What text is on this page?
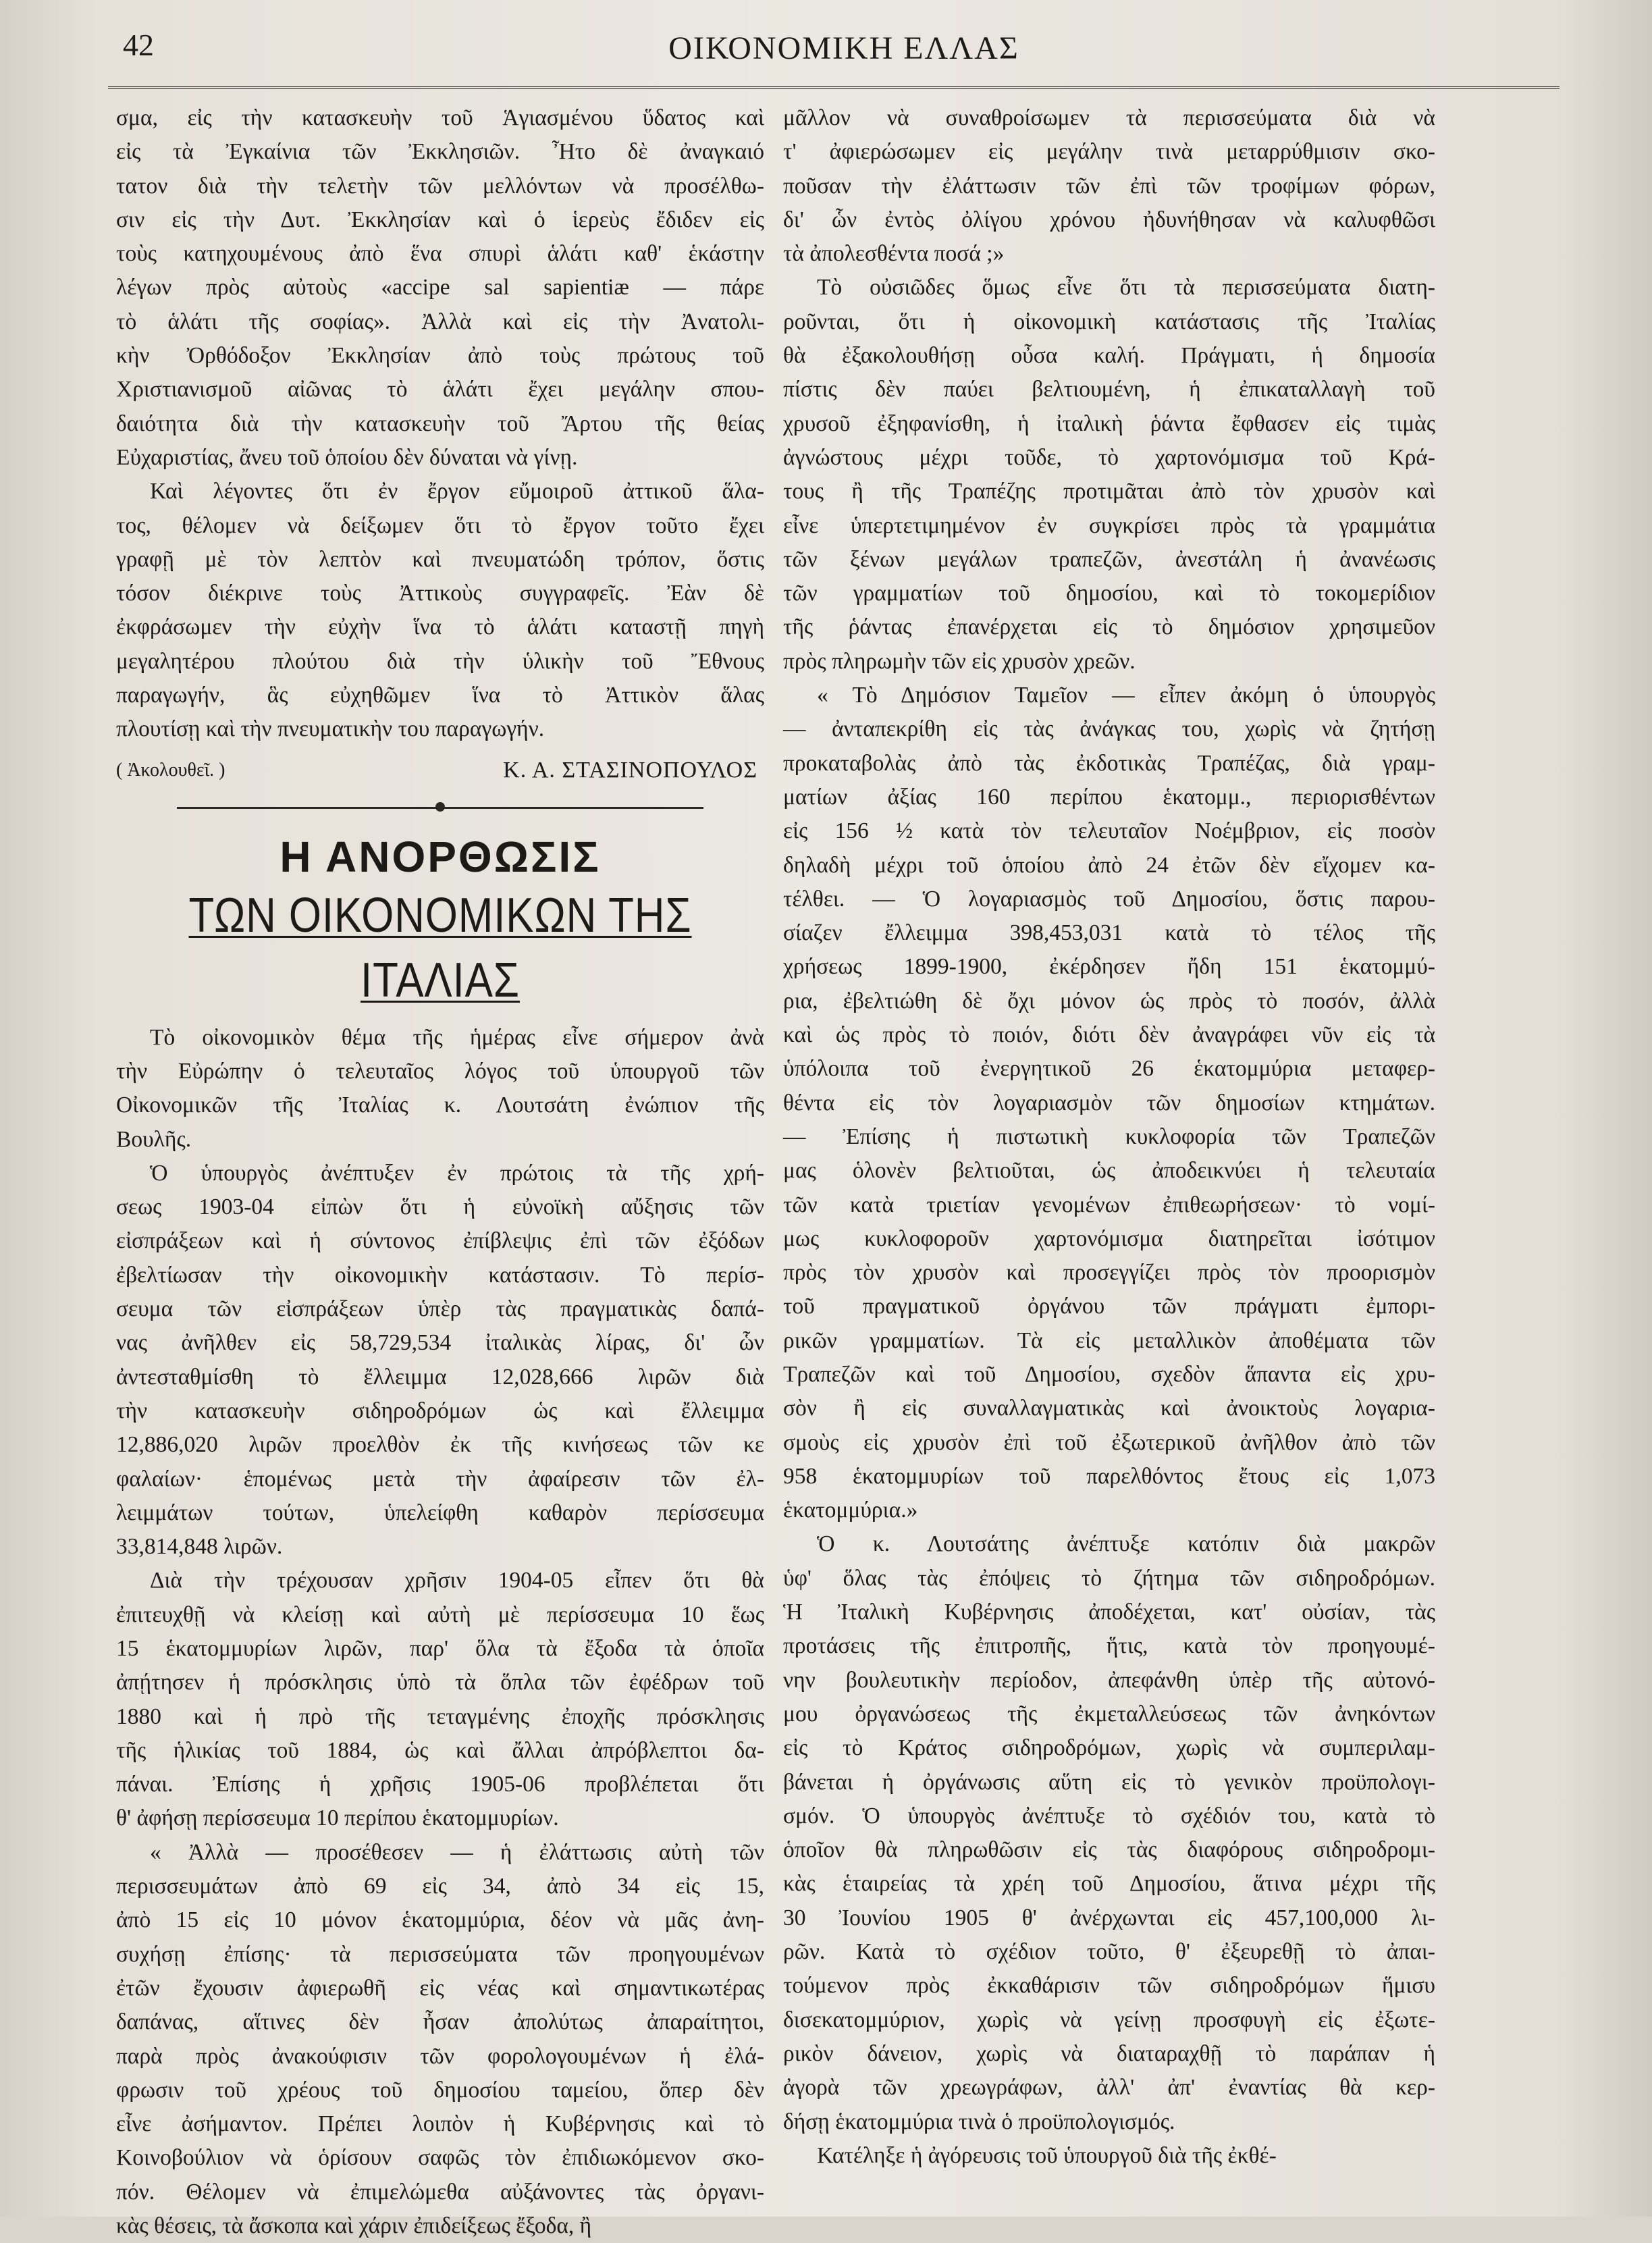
42	ΟΙΚΟΝΟΜΙΚΗ ΕΛΛΑΣ
σμα, εἰς τὴν κατασκευὴν τοῦ Ἁγιασμένου ὕδατος καὶ
εἰς τὰ Ἐγκαίνια τῶν Ἐκκλησιῶν. Ἦτο δὲ ἀναγκαιό
τατον διὰ τὴν τελετὴν τῶν μελλόντων νὰ προσέλθω-
σιν εἰς τὴν Δυτ. Ἐκκλησίαν καὶ ὁ ἱερεὺς ἔδιδεν εἰς
τοὺς κατηχουμένους ἀπὸ ἕνα σπυρὶ ἁλάτι καθ' ἑκάστην
λέγων πρὸς αὐτοὺς «accipe sal sapientiæ — πάρε
τὸ ἁλάτι τῆς σοφίας». Ἀλλὰ καὶ εἰς τὴν Ἀνατολι-
κὴν Ὀρθόδοξον Ἐκκλησίαν ἀπὸ τοὺς πρώτους τοῦ
Χριστιανισμοῦ αἰῶνας τὸ ἁλάτι ἔχει μεγάλην σπου-
δαιότητα διὰ τὴν κατασκευὴν τοῦ Ἄρτου τῆς θείας
Εὐχαριστίας, ἄνευ τοῦ ὁποίου δὲν δύναται νὰ γίνῃ.
Καὶ λέγοντες ὅτι ἐν ἔργον εὔμοιροῦ ἀττικοῦ ἅλα-
τος, θέλομεν νὰ δείξωμεν ὅτι τὸ ἔργον τοῦτο ἔχει
γραφῇ μὲ τὸν λεπτὸν καὶ πνευματώδη τρόπον, ὅστις
τόσον διέκρινε τοὺς Ἀττικοὺς συγγραφεῖς. Ἐὰν δὲ
ἐκφράσωμεν τὴν εὐχὴν ἵνα τὸ ἁλάτι καταστῇ πηγὴ
μεγαλητέρου πλούτου διὰ τὴν ὑλικὴν τοῦ Ἔθνους
παραγωγήν, ἃς εὐχηθῶμεν ἵνα τὸ Ἀττικὸν ἅλας
πλουτίσῃ καὶ τὴν πνευματικὴν του παραγωγήν.
( Ἀκολουθεῖ. )	Κ. Α. ΣΤΑΣΙΝΟΠΟΥΛΟΣ
Η ΑΝΟΡΘΩΣΙΣ
ΤΩΝ ΟΙΚΟΝΟΜΙΚΩΝ ΤΗΣ ΙΤΑΛΙΑΣ
Τὸ οἰκονομικὸν θέμα τῆς ἡμέρας εἶνε σήμερον ἀνὰ
τὴν Εὐρώπην ὁ τελευταῖος λόγος τοῦ ὑπουργοῦ τῶν
Οἰκονομικῶν τῆς Ἰταλίας κ. Λουτσάτη ἐνώπιον τῆς
Βουλῆς.
Ὁ ὑπουργὸς ἀνέπτυξεν ἐν πρώτοις τὰ τῆς χρή-
σεως 1903-04 εἰπὼν ὅτι ἡ εὐνοϊκὴ αὔξησις τῶν
εἰσπράξεων καὶ ἡ σύντονος ἐπίβλεψις ἐπὶ τῶν ἐξόδων
ἐβελτίωσαν τὴν οἰκονομικὴν κατάστασιν. Τὸ περίσ-
σευμα τῶν εἰσπράξεων ὑπὲρ τὰς πραγματικὰς δαπά-
νας ἀνῆλθεν εἰς 58,729,534 ἰταλικὰς λίρας, δι' ὧν
ἀντεσταθμίσθη τὸ ἔλλειμμα 12,028,666 λιρῶν διὰ
τὴν κατασκευὴν σιδηροδρόμων ὡς καὶ ἔλλειμμα
12,886,020 λιρῶν προελθὸν ἐκ τῆς κινήσεως τῶν κε
φαλαίων· ἑπομένως μετὰ τὴν ἀφαίρεσιν τῶν ἐλ-
λειμμάτων τούτων, ὑπελείφθη καθαρὸν περίσσευμα
33,814,848 λιρῶν.
Διὰ τὴν τρέχουσαν χρῆσιν 1904-05 εἶπεν ὅτι θὰ
ἐπιτευχθῇ νὰ κλείσῃ καὶ αὐτὴ μὲ περίσσευμα 10 ἕως
15 ἑκατομμυρίων λιρῶν, παρ' ὅλα τὰ ἔξοδα τὰ ὁποῖα
ἀπῄτησεν ἡ πρόσκλησις ὑπὸ τὰ ὅπλα τῶν ἐφέδρων τοῦ
1880 καὶ ἡ πρὸ τῆς τεταγμένης ἐποχῆς πρόσκλησις
τῆς ἡλικίας τοῦ 1884, ὡς καὶ ἄλλαι ἀπρόβλεπτοι δα-
πάναι. Ἐπίσης ἡ χρῆσις 1905-06 προβλέπεται ὅτι
θ' ἀφήσῃ περίσσευμα 10 περίπου ἑκατομμυρίων.
« Ἀλλὰ — προσέθεσεν — ἡ ἐλάττωσις αὐτὴ τῶν
περισσευμάτων ἀπὸ 69 εἰς 34, ἀπὸ 34 εἰς 15,
ἀπὸ 15 εἰς 10 μόνον ἑκατομμύρια, δέον νὰ μᾶς ἀνη-
συχήσῃ ἐπίσης· τὰ περισσεύματα τῶν προηγουμένων
ἐτῶν ἔχουσιν ἀφιερωθῆ εἰς νέας καὶ σημαντικωτέρας
δαπάνας, αἵτινες δὲν ἦσαν ἀπολύτως ἀπαραίτητοι,
παρὰ πρὸς ἀνακούφισιν τῶν φορολογουμένων ἡ ἐλά-
φρωσιν τοῦ χρέους τοῦ δημοσίου ταμείου, ὅπερ δὲν
εἶνε ἀσήμαντον. Πρέπει λοιπὸν ἡ Κυβέρνησις καὶ τὸ
Κοινοβούλιον νὰ ὁρίσουν σαφῶς τὸν ἐπιδιωκόμενον σκο-
πόν. Θέλομεν νὰ ἐπιμελώμεθα αὐξάνοντες τὰς ὀργανι-
κὰς θέσεις, τὰ ἄσκοπα καὶ χάριν ἐπιδείξεως ἔξοδα, ἢ
μᾶλλον νὰ συναθροίσωμεν τὰ περισσεύματα διὰ νὰ
τ' ἀφιερώσωμεν εἰς μεγάλην τινὰ μεταρρύθμισιν σκο-
ποῦσαν τὴν ἐλάττωσιν τῶν ἐπὶ τῶν τροφίμων φόρων,
δι' ὧν ἐντὸς ὀλίγου χρόνου ἠδυνήθησαν νὰ καλυφθῶσι
τὰ ἀπολεσθέντα ποσά ;»
Τὸ οὐσιῶδες ὅμως εἶνε ὅτι τὰ περισσεύματα διατη-
ροῦνται, ὅτι ἡ οἰκονομικὴ κατάστασις τῆς Ἰταλίας
θὰ ἐξακολουθήσῃ οὖσα καλή. Πράγματι, ἡ δημοσία
πίστις δὲν παύει βελτιουμένη, ἡ ἐπικαταλλαγὴ τοῦ
χρυσοῦ ἐξηφανίσθη, ἡ ἰταλικὴ ῥάντα ἔφθασεν εἰς τιμὰς
ἀγνώστους μέχρι τοῦδε, τὸ χαρτονόμισμα τοῦ Κρά-
τους ἢ τῆς Τραπέζης προτιμᾶται ἀπὸ τὸν χρυσὸν καὶ
εἶνε ὑπερτετιμημένον ἐν συγκρίσει πρὸς τὰ γραμμάτια
τῶν ξένων μεγάλων τραπεζῶν, ἀνεστάλη ἡ ἀνανέωσις
τῶν γραμματίων τοῦ δημοσίου, καὶ τὸ τοκομερίδιον
τῆς ῥάντας ἐπανέρχεται εἰς τὸ δημόσιον χρησιμεῦον
πρὸς πληρωμὴν τῶν εἰς χρυσὸν χρεῶν.
« Τὸ Δημόσιον Ταμεῖον — εἶπεν ἀκόμη ὁ ὑπουργὸς
— ἀνταπεκρίθη εἰς τὰς ἀνάγκας του, χωρὶς νὰ ζητήσῃ
προκαταβολὰς ἀπὸ τὰς ἐκδοτικὰς Τραπέζας, διὰ γραμ-
ματίων ἀξίας 160 περίπου ἑκατομμ., περιορισθέντων
εἰς 156 ½ κατὰ τὸν τελευταῖον Νοέμβριον, εἰς ποσὸν
δηλαδὴ μέχρι τοῦ ὁποίου ἀπὸ 24 ἐτῶν δὲν εἴχομεν κα-
τέλθει. — Ὁ λογαριασμὸς τοῦ Δημοσίου, ὅστις παρου-
σίαζεν ἔλλειμμα 398,453,031 κατὰ τὸ τέλος τῆς
χρήσεως 1899-1900, ἐκέρδησεν ἤδη 151 ἑκατομμύ-
ρια, ἐβελτιώθη δὲ ὄχι μόνον ὡς πρὸς τὸ ποσόν, ἀλλὰ
καὶ ὡς πρὸς τὸ ποιόν, διότι δὲν ἀναγράφει νῦν εἰς τὰ
ὑπόλοιπα τοῦ ἐνεργητικοῦ 26 ἑκατομμύρια μεταφερ-
θέντα εἰς τὸν λογαριασμὸν τῶν δημοσίων κτημάτων.
— Ἐπίσης ἡ πιστωτικὴ κυκλοφορία τῶν Τραπεζῶν
μας ὁλονὲν βελτιοῦται, ὡς ἀποδεικνύει ἡ τελευταία
τῶν κατὰ τριετίαν γενομένων ἐπιθεωρήσεων· τὸ νομί-
μως κυκλοφοροῦν χαρτονόμισμα διατηρεῖται ἰσότιμον
πρὸς τὸν χρυσὸν καὶ προσεγγίζει πρὸς τὸν προορισμὸν
τοῦ πραγματικοῦ ὀργάνου τῶν πράγματι ἐμπορι-
ρικῶν γραμματίων. Τὰ εἰς μεταλλικὸν ἀποθέματα τῶν
Τραπεζῶν καὶ τοῦ Δημοσίου, σχεδὸν ἅπαντα εἰς χρυ-
σὸν ἢ εἰς συναλλαγματικὰς καὶ ἀνοικτοὺς λογαρια-
σμοὺς εἰς χρυσὸν ἐπὶ τοῦ ἐξωτερικοῦ ἀνῆλθον ἀπὸ τῶν
958 ἑκατομμυρίων τοῦ παρελθόντος ἔτους εἰς 1,073
ἑκατομμύρια.»
Ὁ κ. Λουτσάτης ἀνέπτυξε κατόπιν διὰ μακρῶν
ὑφ' ὅλας τὰς ἐπόψεις τὸ ζήτημα τῶν σιδηροδρόμων.
Ἡ Ἰταλικὴ Κυβέρνησις ἀποδέχεται, κατ' οὐσίαν, τὰς
προτάσεις τῆς ἐπιτροπῆς, ἥτις, κατὰ τὸν προηγουμέ-
νην βουλευτικὴν περίοδον, ἀπεφάνθη ὑπὲρ τῆς αὐτονό-
μου ὀργανώσεως τῆς ἐκμεταλλεύσεως τῶν ἀνηκόντων
εἰς τὸ Κράτος σιδηροδρόμων, χωρὶς νὰ συμπεριλαμ-
βάνεται ἡ ὀργάνωσις αὕτη εἰς τὸ γενικὸν προϋπολογι-
σμόν. Ὁ ὑπουργὸς ἀνέπτυξε τὸ σχέδιόν του, κατὰ τὸ
ὁποῖον θὰ πληρωθῶσιν εἰς τὰς διαφόρους σιδηροδρομι-
κὰς ἑταιρείας τὰ χρέη τοῦ Δημοσίου, ἅτινα μέχρι τῆς
30 Ἰουνίου 1905 θ' ἀνέρχωνται εἰς 457,100,000 λι-
ρῶν. Κατὰ τὸ σχέδιον τοῦτο, θ' ἐξευρεθῇ τὸ ἀπαι-
τούμενον πρὸς ἐκκαθάρισιν τῶν σιδηροδρόμων ἥμισυ
δισεκατομμύριον, χωρὶς νὰ γείνῃ προσφυγὴ εἰς ἐξωτε-
ρικὸν δάνειον, χωρὶς νὰ διαταραχθῇ τὸ παράπαν ἡ
ἀγορὰ τῶν χρεωγράφων, ἀλλ' ἀπ' ἐναντίας θὰ κερ-
δήσῃ ἑκατομμύρια τινὰ ὁ προϋπολογισμός.
Κατέληξε ἡ ἀγόρευσις τοῦ ὑπουργοῦ διὰ τῆς ἐκθέ-
